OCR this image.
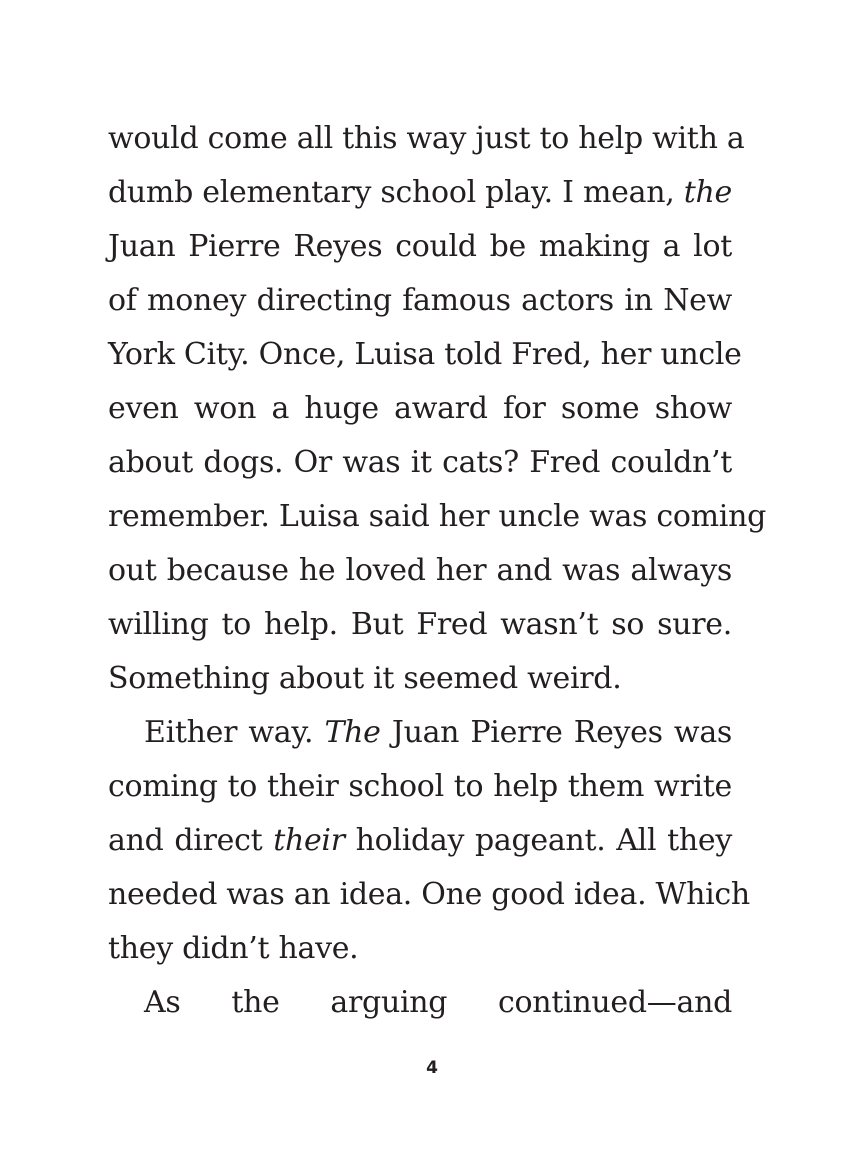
would come all this way just to help with a
dumb elementary school play. I mean, the
Juan Pierre Reyes could be making a lot
of money directing famous actors in New
York City. Once, Luisa told Fred, her uncle
even won a huge award for some show
about dogs. Or was it cats? Fred couldn’t
remember. Luisa said her uncle was coming
out because he loved her and was always
willing to help. But Fred wasn’t so sure.
Something about it seemed weird.
Either way. The Juan Pierre Reyes was
coming to their school to help them write
and direct their holiday pageant. All they
needed was an idea. One good idea. Which
they didn’t have.
As the arguing continued—and
4
